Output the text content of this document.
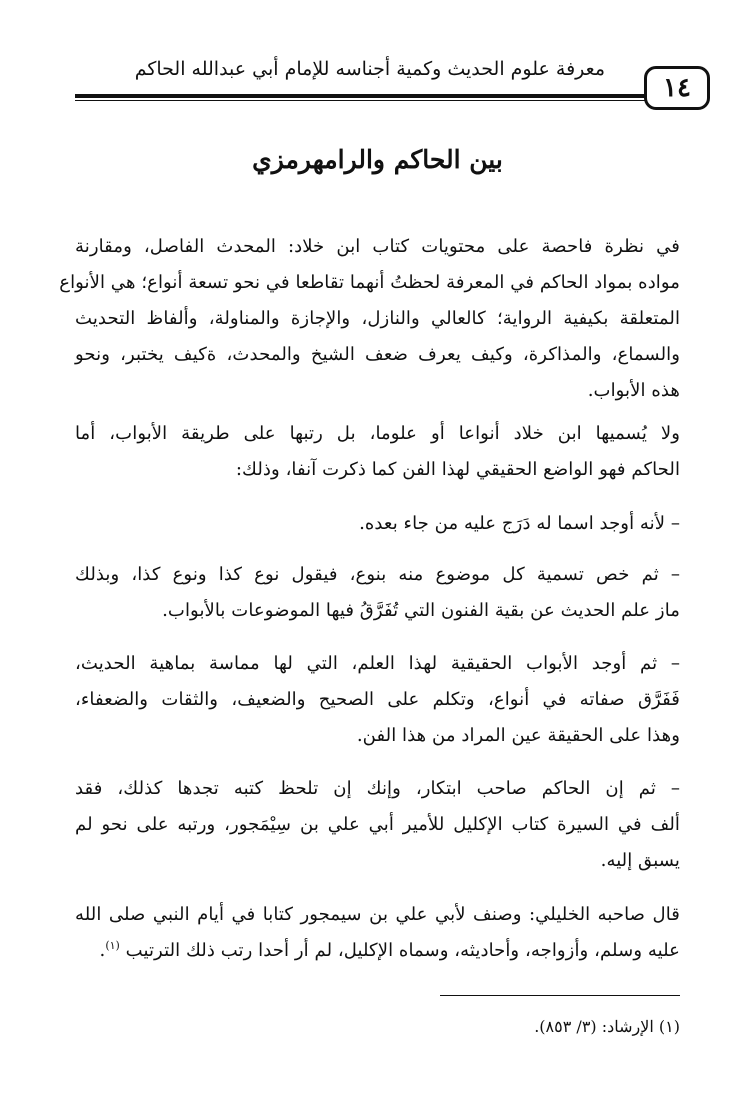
معرفة علوم الحديث وكمية أجناسه للإمام أبي عبدالله الحاكم
١٤
بين الحاكم والرامهرمزي
في نظرة فاحصة على محتويات كتاب ابن خلاد: المحدث الفاصل، ومقارنة
مواده بمواد الحاكم في المعرفة لحظتُ أنهما تقاطعا في نحو تسعة أنواع؛ هي الأنواع
المتعلقة بكيفية الرواية؛ كالعالي والنازل، والإجازة والمناولة، وألفاظ التحديث
والسماع، والمذاكرة، وكيف يعرف ضعف الشيخ والمحدث، ةكيف يختبر، ونحو
هذه الأبواب.
ولا يُسميها ابن خلاد أنواعا أو علوما، بل رتبها على طريقة الأبواب، أما
الحاكم فهو الواضع الحقيقي لهذا الفن كما ذكرت آنفا، وذلك:
– لأنه أوجد اسما له دَرَج عليه من جاء بعده.
– ثم خص تسمية كل موضوع منه بنوع، فيقول نوع كذا ونوع كذا، وبذلك
ماز علم الحديث عن بقية الفنون التي تُفَرَّقُ فيها الموضوعات بالأبواب.
– ثم أوجد الأبواب الحقيقية لهذا العلم، التي لها مماسة بماهية الحديث،
فَفَرَّق صفاته في أنواع، وتكلم على الصحيح والضعيف، والثقات والضعفاء،
وهذا على الحقيقة عين المراد من هذا الفن.
– ثم إن الحاكم صاحب ابتكار، وإنك إن تلحظ كتبه تجدها كذلك، فقد
ألف في السيرة كتاب الإكليل للأمير أبي علي بن سِيْمَجور، ورتبه على نحو لم
يسبق إليه.
قال صاحبه الخليلي: وصنف لأبي علي بن سيمجور كتابا في أيام النبي صلى الله
عليه وسلم، وأزواجه، وأحاديثه، وسماه الإكليل، لم أر أحدا رتب ذلك الترتيب $^{(١)}$.
(١) الإرشاد: (٣/ ٨٥٣).
